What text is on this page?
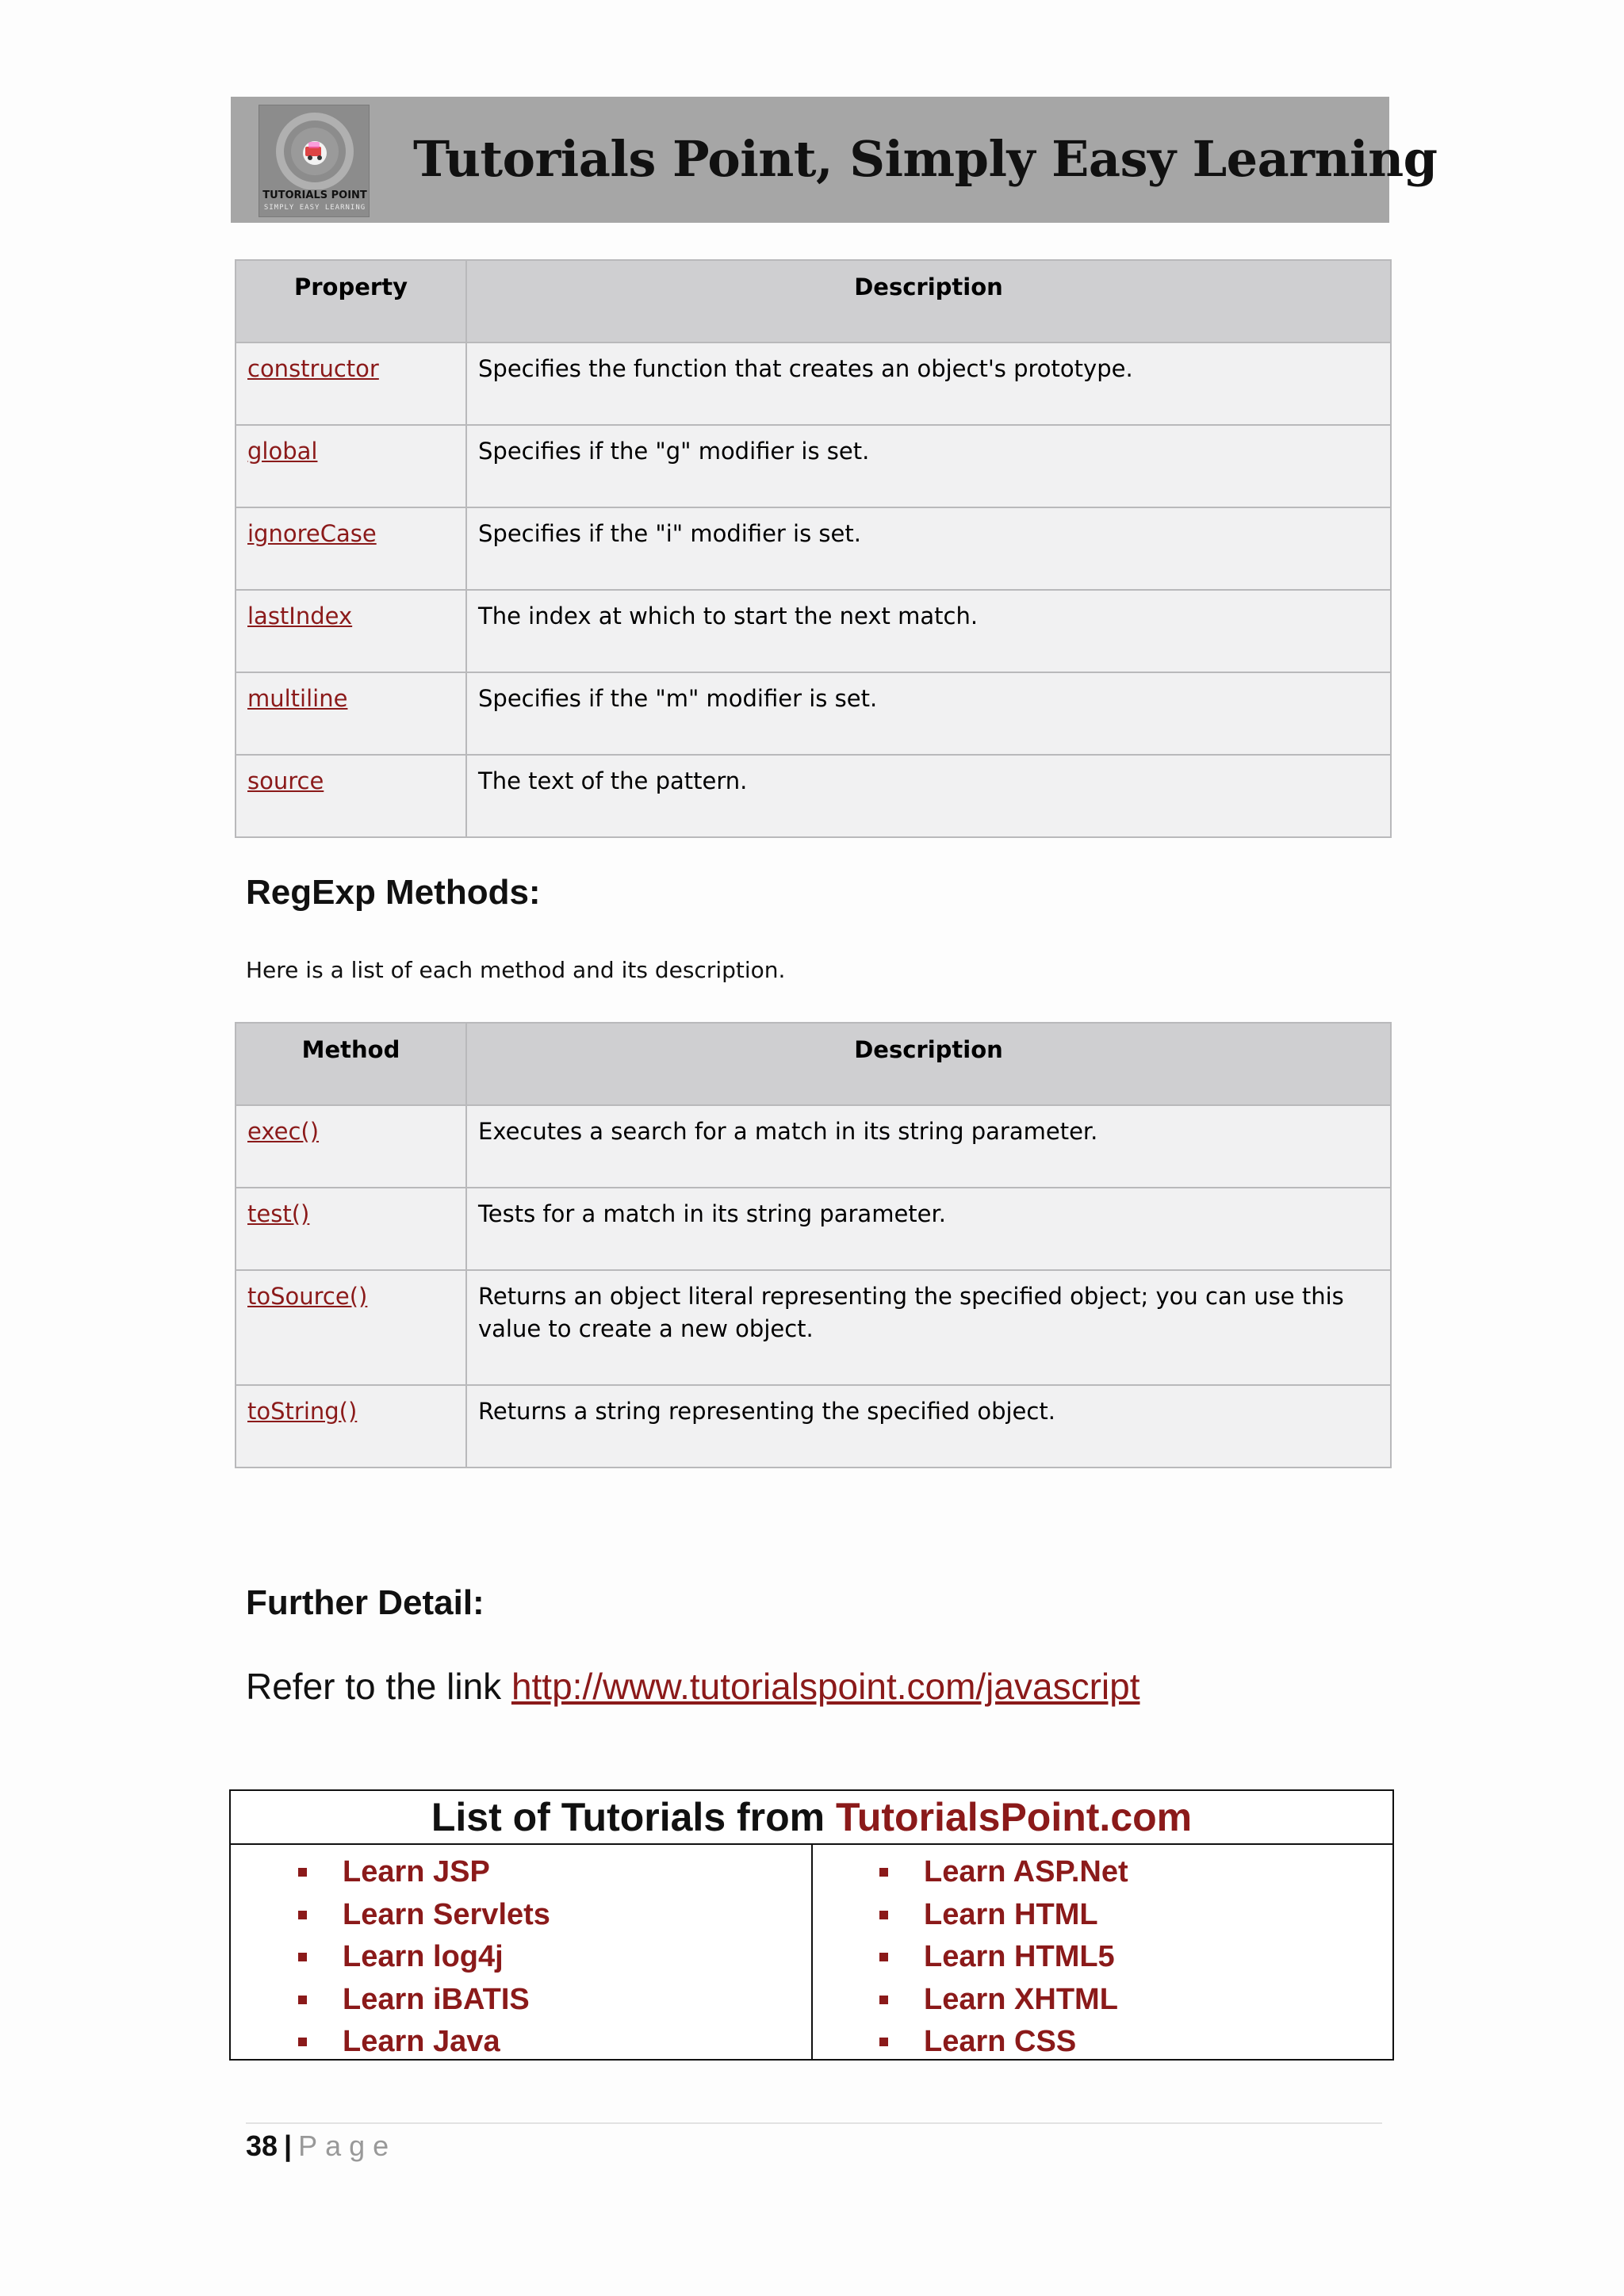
TUTORIALS POINT
SIMPLY EASY LEARNING
Tutorials Point, Simply Easy Learning
Property	Description
constructor	Specifies the function that creates an object's prototype.
global	Specifies if the "g" modifier is set.
ignoreCase	Specifies if the "i" modifier is set.
lastIndex	The index at which to start the next match.
multiline	Specifies if the "m" modifier is set.
source	The text of the pattern.
RegExp Methods:
Here is a list of each method and its description.
Method	Description
exec()	Executes a search for a match in its string parameter.
test()	Tests for a match in its string parameter.
toSource()	Returns an object literal representing the specified object; you can use this value to create a new object.
toString()	Returns a string representing the specified object.
Further Detail:
Refer to the link http://www.tutorialspoint.com/javascript
List of Tutorials from TutorialsPoint.com
Learn JSP
Learn Servlets
Learn log4j
Learn iBATIS
Learn Java
Learn ASP.Net
Learn HTML
Learn HTML5
Learn XHTML
Learn CSS
38 | Page
